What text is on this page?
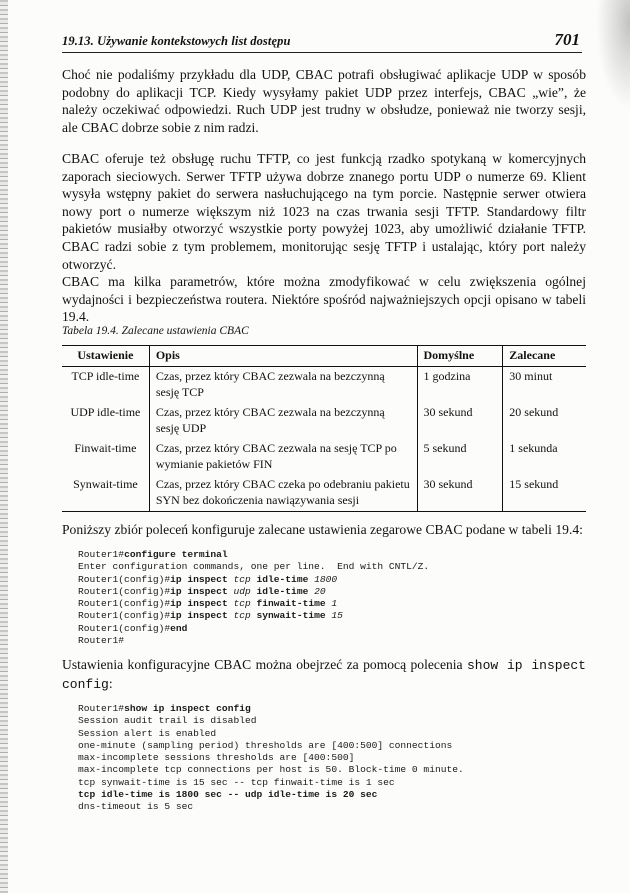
19.13. Używanie kontekstowych list dostępu	701
Choć nie podaliśmy przykładu dla UDP, CBAC potrafi obsługiwać aplikacje UDP w sposób podobny do aplikacji TCP. Kiedy wysyłamy pakiet UDP przez interfejs, CBAC „wie”, że należy oczekiwać odpowiedzi. Ruch UDP jest trudny w obsłudze, ponieważ nie tworzy sesji, ale CBAC dobrze sobie z nim radzi.
CBAC oferuje też obsługę ruchu TFTP, co jest funkcją rzadko spotykaną w komercyjnych zaporach sieciowych. Serwer TFTP używa dobrze znanego portu UDP o numerze 69. Klient wysyła wstępny pakiet do serwera nasłuchującego na tym porcie. Następnie serwer otwiera nowy port o numerze większym niż 1023 na czas trwania sesji TFTP. Standardowy filtr pakietów musiałby otworzyć wszystkie porty powyżej 1023, aby umożliwić działanie TFTP. CBAC radzi sobie z tym problemem, monitorując sesję TFTP i ustalając, który port należy otworzyć.
CBAC ma kilka parametrów, które można zmodyfikować w celu zwiększenia ogólnej wydajności i bezpieczeństwa routera. Niektóre spośród najważniejszych opcji opisano w tabeli 19.4.
Tabela 19.4. Zalecane ustawienia CBAC
Ustawienie	Opis	Domyślne	Zalecane
TCP idle-time	Czas, przez który CBAC zezwala na bezczynną sesję TCP	1 godzina	30 minut
UDP idle-time	Czas, przez który CBAC zezwala na bezczynną sesję UDP	30 sekund	20 sekund
Finwait-time	Czas, przez który CBAC zezwala na sesję TCP po wymianie pakietów FIN	5 sekund	1 sekunda
Synwait-time	Czas, przez który CBAC czeka po odebraniu pakietu SYN bez dokończenia nawiązywania sesji	30 sekund	15 sekund
Poniższy zbiór poleceń konfiguruje zalecane ustawienia zegarowe CBAC podane w tabeli 19.4:
Router1#configure terminal
Enter configuration commands, one per line.  End with CNTL/Z.
Router1(config)#ip inspect tcp idle-time 1800
Router1(config)#ip inspect udp idle-time 20
Router1(config)#ip inspect tcp finwait-time 1
Router1(config)#ip inspect tcp synwait-time 15
Router1(config)#end
Router1#
Ustawienia konfiguracyjne CBAC można obejrzeć za pomocą polecenia show ip inspect config:
Router1#show ip inspect config
Session audit trail is disabled
Session alert is enabled
one-minute (sampling period) thresholds are [400:500] connections
max-incomplete sessions thresholds are [400:500]
max-incomplete tcp connections per host is 50. Block-time 0 minute.
tcp synwait-time is 15 sec -- tcp finwait-time is 1 sec
tcp idle-time is 1800 sec -- udp idle-time is 20 sec
dns-timeout is 5 sec
